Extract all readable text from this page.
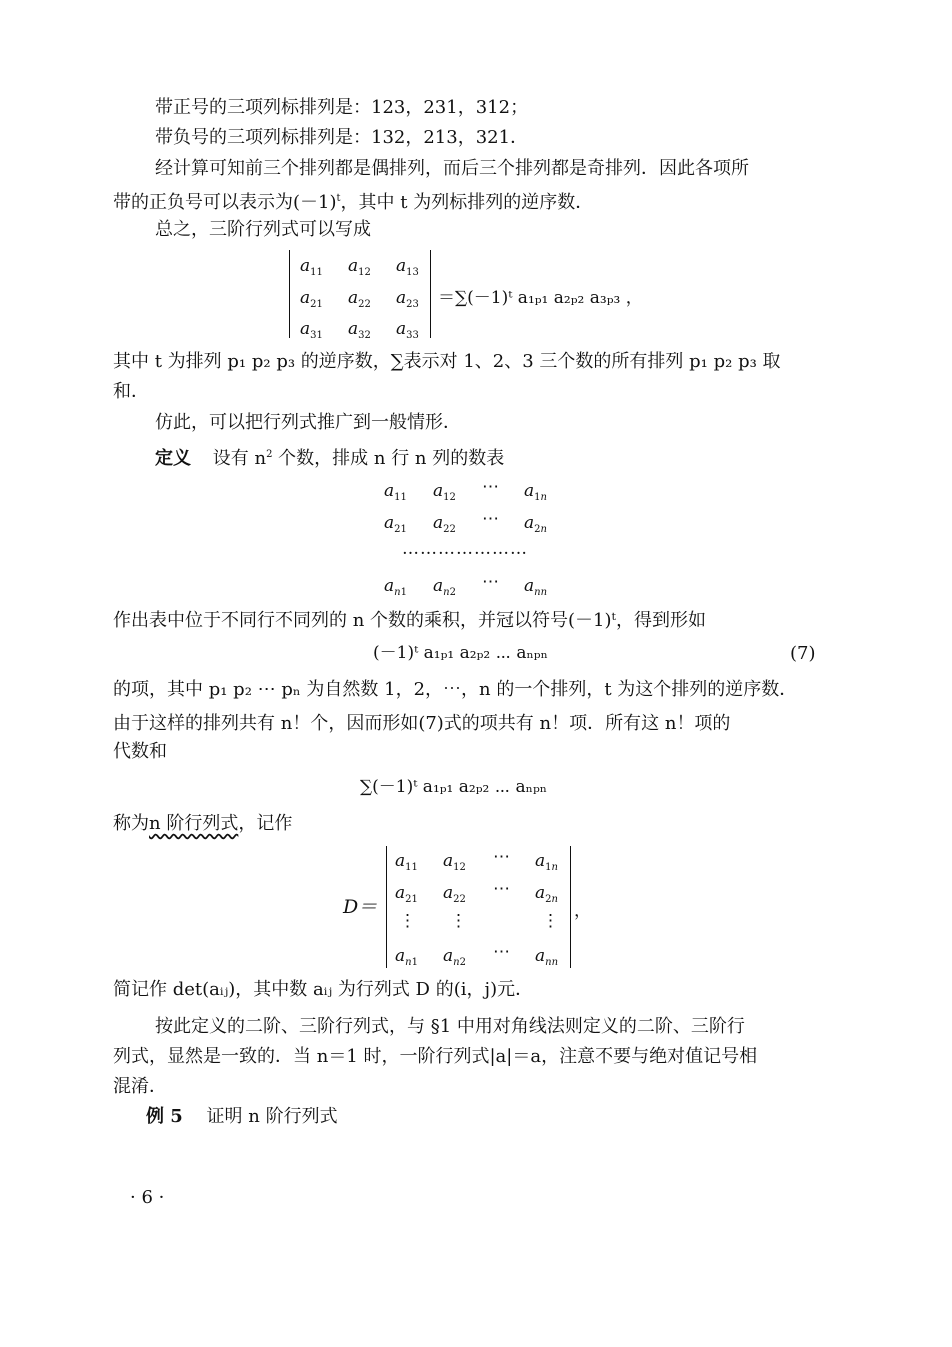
带正号的三项列标排列是：123，231，312；
带负号的三项列标排列是：132，213，321．
经计算可知前三个排列都是偶排列，而后三个排列都是奇排列．因此各项所
带的正负号可以表示为$(-1)^t$，其中 t 为列标排列的逆序数．
总之，三阶行列式可以写成
$a_{11}$ $a_{12}$ $a_{13}$
$a_{21}$ $a_{22}$ $a_{23}$
$a_{31}$ $a_{32}$ $a_{33}$
＝∑(－1)ᵗ a₁ₚ₁ a₂ₚ₂ a₃ₚ₃ ，
其中 t 为排列 p₁ p₂ p₃ 的逆序数，∑表示对 1、2、3 三个数的所有排列 p₁ p₂ p₃ 取
和．
仿此，可以把行列式推广到一般情形．
定义 设有 $n^2$ 个数，排成 n 行 n 列的数表
$a_{11}$ $a_{12}$
⋯ $a_{1n}$
$a_{21}$ $a_{22}$
⋯ $a_{2n}$
…………………
$a_{n1}$ $a_{n2}$
⋯ $a_{nn}$
作出表中位于不同行不同列的 n 个数的乘积，并冠以符号(－1)ᵗ，得到形如
(－1)ᵗ a₁ₚ₁ a₂ₚ₂ ⋯ aₙₚₙ	(7)
的项，其中 p₁ p₂ ⋯ pₙ 为自然数 1，2，⋯，n 的一个排列，t 为这个排列的逆序数．
由于这样的排列共有 n！个，因而形如(7)式的项共有 n！项．所有这 n！项的
代数和
∑(－1)ᵗ a₁ₚ₁ a₂ₚ₂ ⋯ aₙₚₙ
称为n 阶行列式，记作
D＝
$a_{11}$ $a_{12}$
⋯ $a_{1n}$
$a_{21}$ $a_{22}$
⋯ $a_{2n}$
⋮ ⋮	⋮
$a_{n1}$ $a_{n2}$
⋯ $a_{nn}$
，
简记作 det(aᵢⱼ)，其中数 aᵢⱼ 为行列式 D 的(i，j)元．
按此定义的二阶、三阶行列式，与 §1 中用对角线法则定义的二阶、三阶行
列式，显然是一致的．当 n＝1 时，一阶行列式|a|＝a，注意不要与绝对值记号相
混淆．
例 5 证明 n 阶行列式
· 6 ·
